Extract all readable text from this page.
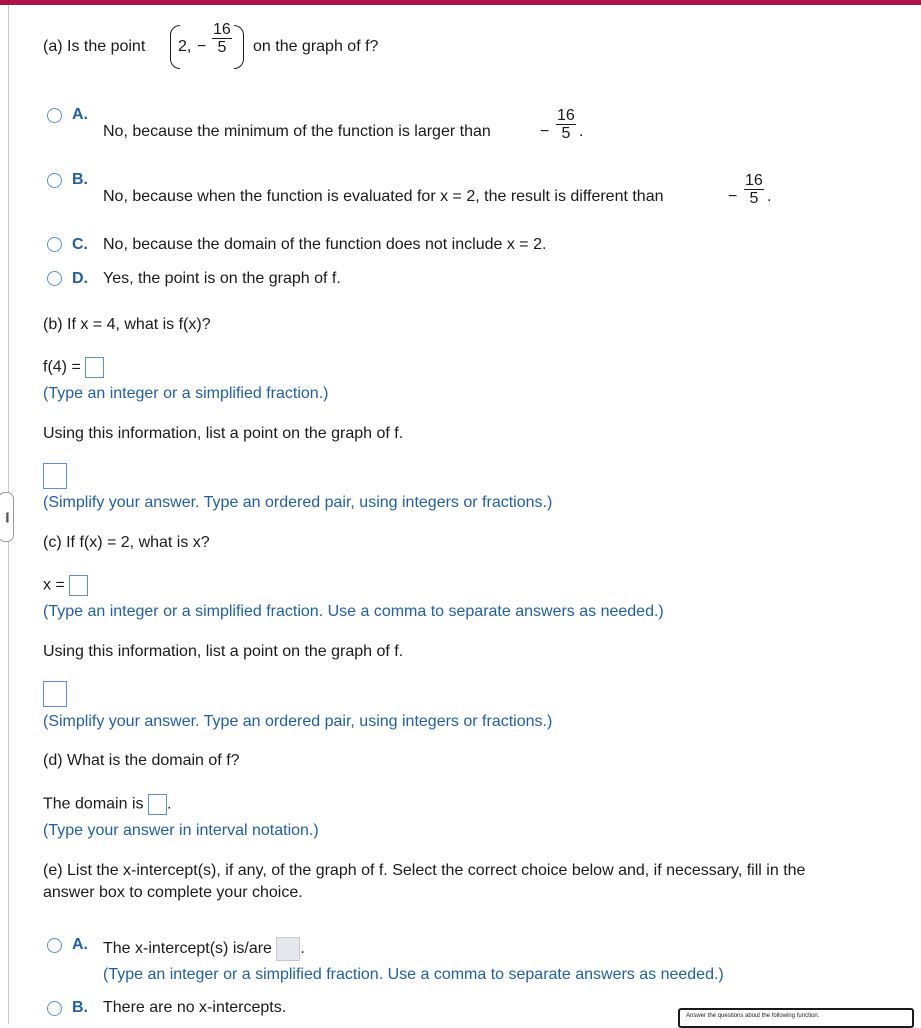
••••
(a) Is the point 2, − $\frac{16}{5}$ on the graph of f?
A.
No, because the minimum of the function is larger than	− $\frac{16}{5}$ .
B.
No, because when the function is evaluated for x = 2, the result is different than	− $\frac{16}{5}$ .
C. No, because the domain of the function does not include x = 2.
D. Yes, the point is on the graph of f.
(b) If x = 4, what is f(x)?
f(4) =
(Type an integer or a simplified fraction.)
Using this information, list a point on the graph of f.
(Simplify your answer. Type an ordered pair, using integers or fractions.)
(c) If f(x) = 2, what is x?
x =
(Type an integer or a simplified fraction. Use a comma to separate answers as needed.)
Using this information, list a point on the graph of f.
(Simplify your answer. Type an ordered pair, using integers or fractions.)
(d) What is the domain of f?
The domain is .
(Type your answer in interval notation.)
(e) List the x-intercept(s), if any, of the graph of f. Select the correct choice below and, if necessary, fill in the
answer box to complete your choice.
A. The x-intercept(s) is/are .
(Type an integer or a simplified fraction. Use a comma to separate answers as needed.)
B. There are no x-intercepts.	Answer the questions about the following function.
